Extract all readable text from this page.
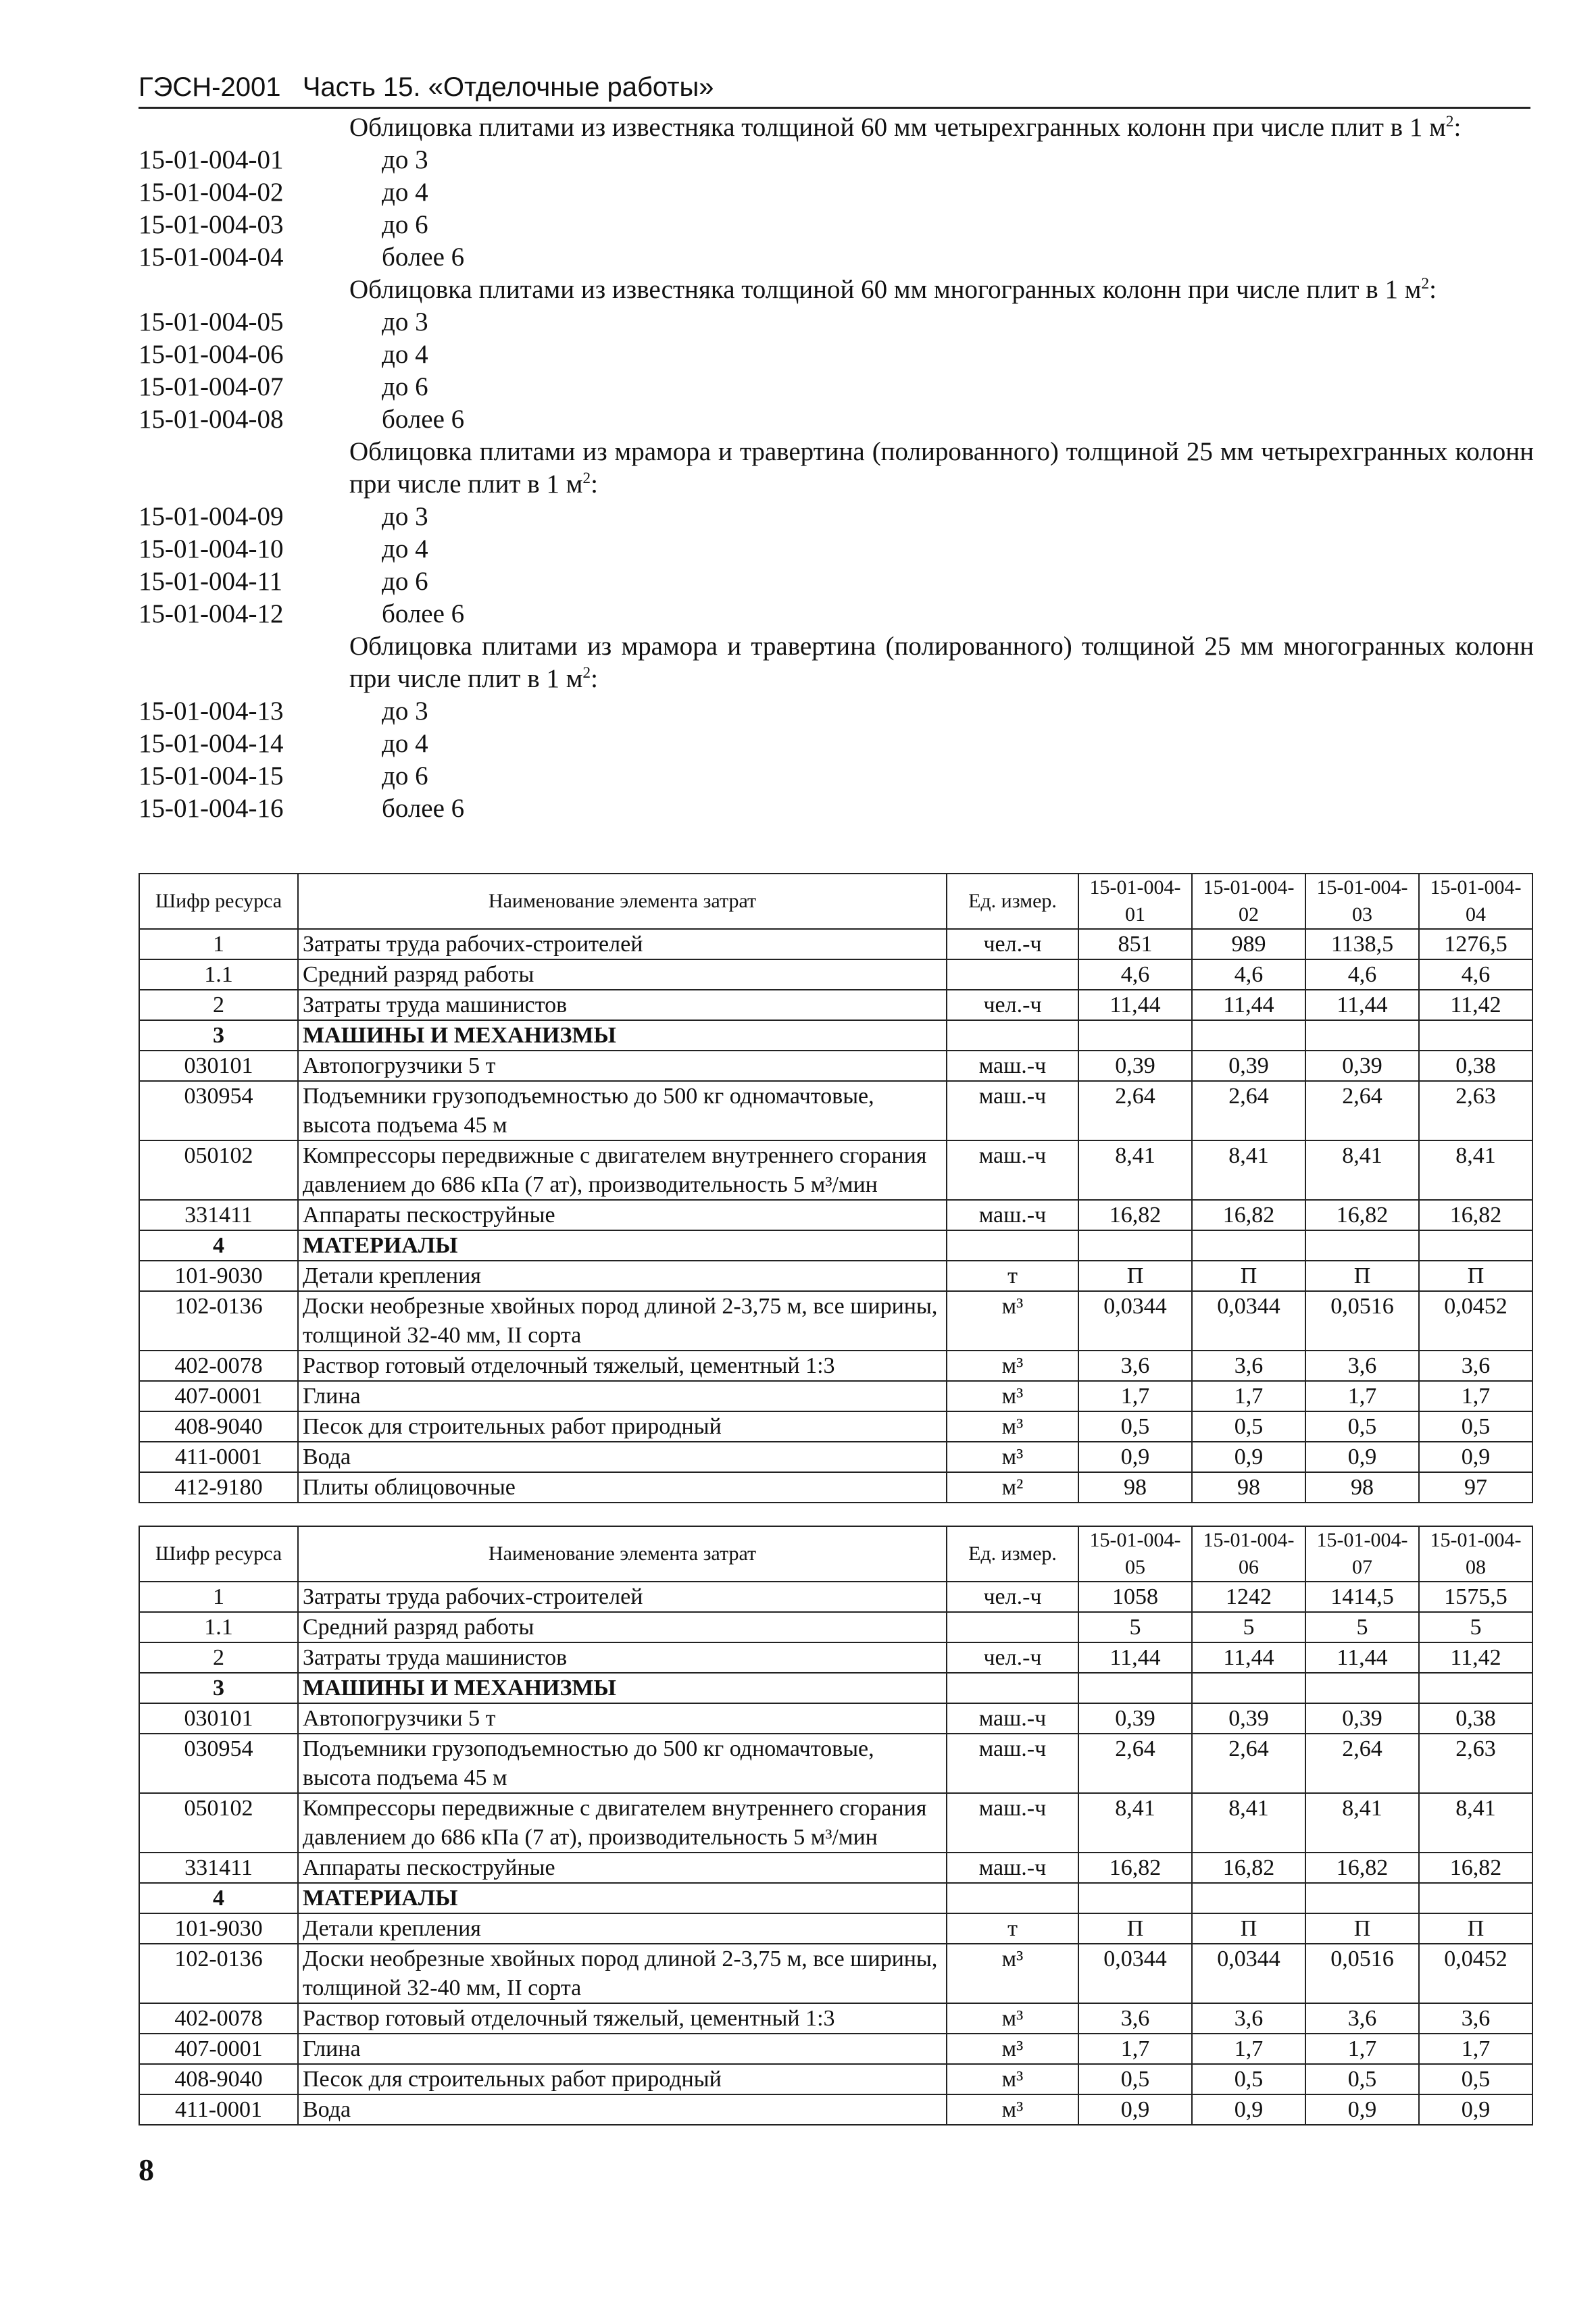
ГЭСН-2001 Часть 15. «Отделочные работы»
Облицовка плитами из известняка толщиной 60 мм четырехгранных колонн при числе плит в 1 $м^2$:
15-01-004-01	до 3
15-01-004-02	до 4
15-01-004-03	до 6
15-01-004-04	более 6
Облицовка плитами из известняка толщиной 60 мм многогранных колонн при числе плит в 1 $м^2$:
15-01-004-05	до 3
15-01-004-06	до 4
15-01-004-07	до 6
15-01-004-08	более 6
Облицовка плитами из мрамора и травертина (полированного) толщиной 25 мм четырехгранных колонн при числе плит в 1 $м^2$:
15-01-004-09	до 3
15-01-004-10	до 4
15-01-004-11	до 6
15-01-004-12	более 6
Облицовка плитами из мрамора и травертина (полированного) толщиной 25 мм многогранных колонн при числе плит в 1 $м^2$:
15-01-004-13	до 3
15-01-004-14	до 4
15-01-004-15	до 6
15-01-004-16	более 6
Шифр ресурса	Наименование элемента затрат	Ед. измер.	15-01-004-01	15-01-004-02	15-01-004-03	15-01-004-04
1	Затраты труда рабочих-строителей	чел.-ч	851	989	1138,5	1276,5
1.1	Средний разряд работы		4,6	4,6	4,6	4,6
2	Затраты труда машинистов	чел.-ч	11,44	11,44	11,44	11,42
3	МАШИНЫ И МЕХАНИЗМЫ					
030101	Автопогрузчики 5 т	маш.-ч	0,39	0,39	0,39	0,38
030954	Подъемники грузоподъемностью до 500 кг одномачтовые, высота подъема 45 м	маш.-ч	2,64	2,64	2,64	2,63
050102	Компрессоры передвижные с двигателем внутреннего сгорания давлением до 686 кПа (7 ат), производительность 5 м³/мин	маш.-ч	8,41	8,41	8,41	8,41
331411	Аппараты пескоструйные	маш.-ч	16,82	16,82	16,82	16,82
4	МАТЕРИАЛЫ					
101-9030	Детали крепления	т	П	П	П	П
102-0136	Доски необрезные хвойных пород длиной 2-3,75 м, все ширины, толщиной 32-40 мм, II сорта	м³	0,0344	0,0344	0,0516	0,0452
402-0078	Раствор готовый отделочный тяжелый, цементный 1:3	м³	3,6	3,6	3,6	3,6
407-0001	Глина	м³	1,7	1,7	1,7	1,7
408-9040	Песок для строительных работ природный	м³	0,5	0,5	0,5	0,5
411-0001	Вода	м³	0,9	0,9	0,9	0,9
412-9180	Плиты облицовочные	м²	98	98	98	97
Шифр ресурса	Наименование элемента затрат	Ед. измер.	15-01-004-05	15-01-004-06	15-01-004-07	15-01-004-08
1	Затраты труда рабочих-строителей	чел.-ч	1058	1242	1414,5	1575,5
1.1	Средний разряд работы		5	5	5	5
2	Затраты труда машинистов	чел.-ч	11,44	11,44	11,44	11,42
3	МАШИНЫ И МЕХАНИЗМЫ					
030101	Автопогрузчики 5 т	маш.-ч	0,39	0,39	0,39	0,38
030954	Подъемники грузоподъемностью до 500 кг одномачтовые, высота подъема 45 м	маш.-ч	2,64	2,64	2,64	2,63
050102	Компрессоры передвижные с двигателем внутреннего сгорания давлением до 686 кПа (7 ат), производительность 5 м³/мин	маш.-ч	8,41	8,41	8,41	8,41
331411	Аппараты пескоструйные	маш.-ч	16,82	16,82	16,82	16,82
4	МАТЕРИАЛЫ					
101-9030	Детали крепления	т	П	П	П	П
102-0136	Доски необрезные хвойных пород длиной 2-3,75 м, все ширины, толщиной 32-40 мм, II сорта	м³	0,0344	0,0344	0,0516	0,0452
402-0078	Раствор готовый отделочный тяжелый, цементный 1:3	м³	3,6	3,6	3,6	3,6
407-0001	Глина	м³	1,7	1,7	1,7	1,7
408-9040	Песок для строительных работ природный	м³	0,5	0,5	0,5	0,5
411-0001	Вода	м³	0,9	0,9	0,9	0,9
8
